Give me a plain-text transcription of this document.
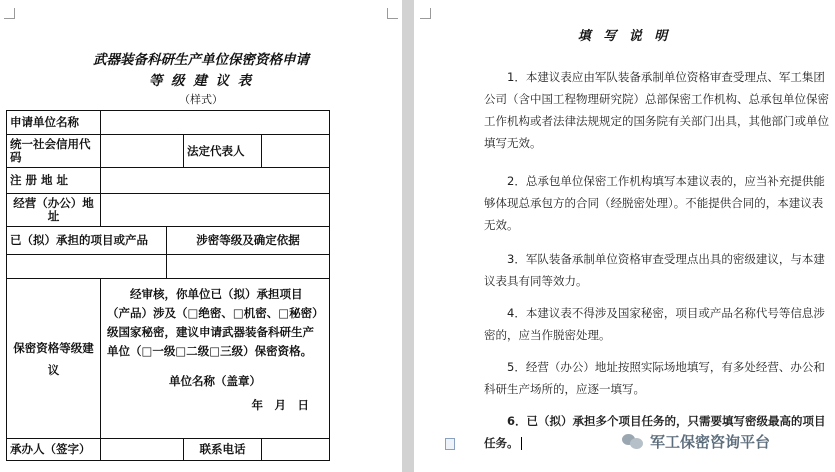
武器装备科研生产单位保密资格申请
等 级 建 议 表
（样式）
申请单位名称				
统一社会信用代　　码			法定代表人	
注 册 地 址				
经营（办公）地　址				
已（拟）承担的项目或产品		涉密等级及确定依据		

保密资格等级建议	经审核，你单位已（拟）承担项目（产品）涉及（□绝密、□机密、□秘密）级国家秘密，建议申请武器装备科研生产单位（□一级□二级□三级）保密资格。
单位名称（盖章）
年　月　日			

承办人（签字）			联系电话	
填 写 说 明
1．本建议表应由军队装备承制单位资格审查受理点、军工集团公司（含中国工程物理研究院）总部保密工作机构、总承包单位保密工作机构或者法律法规规定的国务院有关部门出具，其他部门或单位填写无效。
2．总承包单位保密工作机构填写本建议表的，应当补充提供能够体现总承包方的合同（经脱密处理）。不能提供合同的，本建议表无效。
3．军队装备承制单位资格审查受理点出具的密级建议，与本建议表具有同等效力。
4．本建议表不得涉及国家秘密，项目或产品名称代号等信息涉密的，应当作脱密处理。
5．经营（办公）地址按照实际场地填写，有多处经营、办公和科研生产场所的，应逐一填写。
6．已（拟）承担多个项目任务的，只需要填写密级最高的项目任务。	军工保密咨询平台
